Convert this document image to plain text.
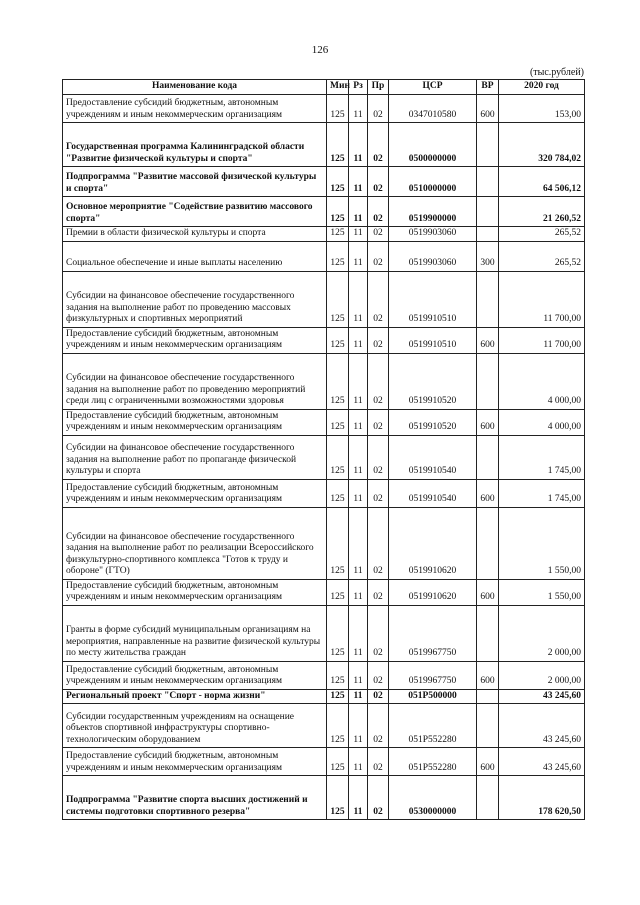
126
(тыс.рублей)
Наименование кода	Мин	Рз	Пр	ЦСР	ВР	2020 год
Предоставление субсидий бюджетным, автономным учреждениям и иным некоммерческим организациям	125	11	02	0347010580	600	153,00
Государственная программа Калининградской области "Развитие физической культуры и спорта"	125	11	02	0500000000		320 784,02
Подпрограмма "Развитие массовой физической культуры и спорта"	125	11	02	0510000000		64 506,12
Основное мероприятие "Содействие развитию массового спорта"	125	11	02	0519900000		21 260,52
Премии в области физической культуры и спорта	125	11	02	0519903060		265,52
Социальное обеспечение и иные выплаты населению	125	11	02	0519903060	300	265,52
Субсидии на финансовое обеспечение государственного задания на выполнение работ по проведению массовых физкультурных и спортивных мероприятий	125	11	02	0519910510		11 700,00
Предоставление субсидий бюджетным, автономным учреждениям и иным некоммерческим организациям	125	11	02	0519910510	600	11 700,00
Субсидии на финансовое обеспечение государственного задания на выполнение работ по проведению мероприятий среди лиц с ограниченными возможностями здоровья	125	11	02	0519910520		4 000,00
Предоставление субсидий бюджетным, автономным учреждениям и иным некоммерческим организациям	125	11	02	0519910520	600	4 000,00
Субсидии на финансовое обеспечение государственного задания на выполнение работ по пропаганде физической культуры и спорта	125	11	02	0519910540		1 745,00
Предоставление субсидий бюджетным, автономным учреждениям и иным некоммерческим организациям	125	11	02	0519910540	600	1 745,00
Субсидии на финансовое обеспечение государственного задания на выполнение работ по реализации Всероссийского физкультурно-спортивного комплекса "Готов к труду и обороне" (ГТО)	125	11	02	0519910620		1 550,00
Предоставление субсидий бюджетным, автономным учреждениям и иным некоммерческим организациям	125	11	02	0519910620	600	1 550,00
Гранты в форме субсидий муниципальным организациям на мероприятия, направленные на развитие физической культуры по месту жительства граждан	125	11	02	0519967750		2 000,00
Предоставление субсидий бюджетным, автономным учреждениям и иным некоммерческим организациям	125	11	02	0519967750	600	2 000,00
Региональный проект "Спорт - норма жизни"	125	11	02	051P500000		43 245,60
Субсидии государственным учреждениям на оснащение объектов спортивной инфраструктуры спортивно-технологическим оборудованием	125	11	02	051P552280		43 245,60
Предоставление субсидий бюджетным, автономным учреждениям и иным некоммерческим организациям	125	11	02	051P552280	600	43 245,60
Подпрограмма "Развитие спорта высших достижений и системы подготовки спортивного резерва"	125	11	02	0530000000		178 620,50
